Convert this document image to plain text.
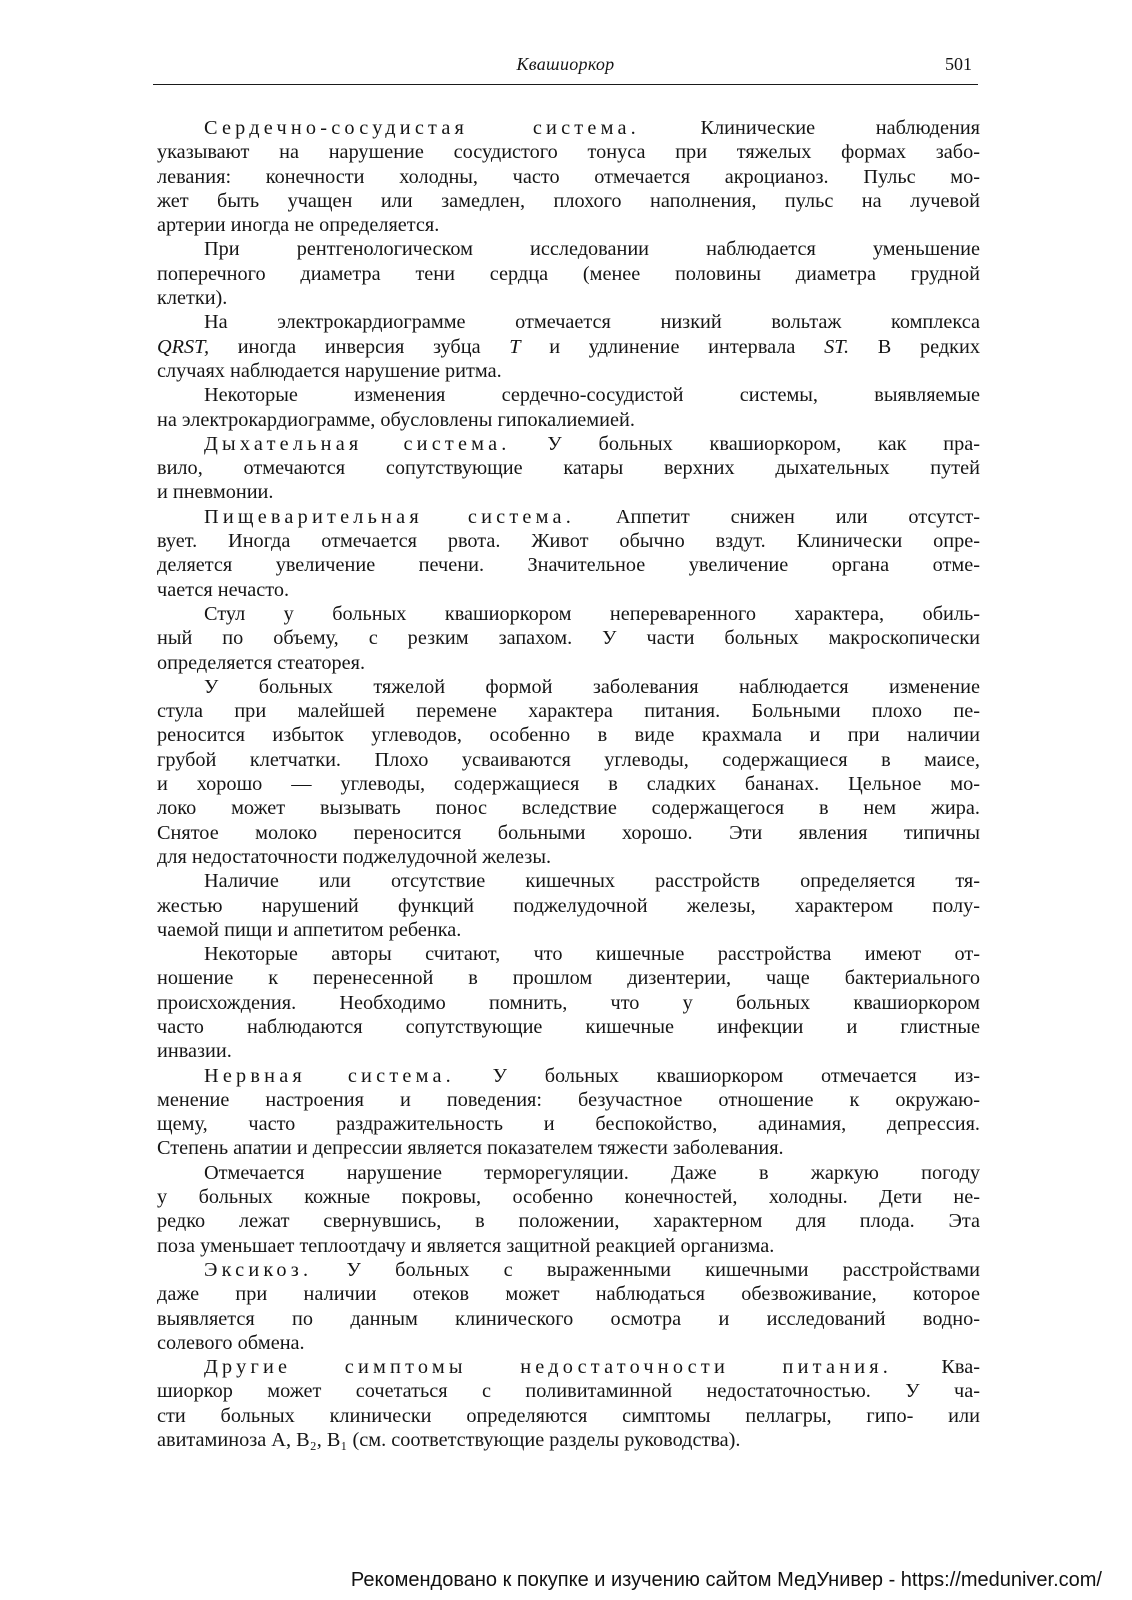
Квашиоркор	501
Сердечно-сосудистая система. Клинические наблюдения
указывают на нарушение сосудистого тонуса при тяжелых формах забо-
левания: конечности холодны, часто отмечается акроцианоз. Пульс мо-
жет быть учащен или замедлен, плохого наполнения, пульс на лучевой
артерии иногда не определяется.
При рентгенологическом исследовании наблюдается уменьшение
поперечного диаметра тени сердца (менее половины диаметра грудной
клетки).
На электрокардиограмме отмечается низкий вольтаж комплекса
QRST, иногда инверсия зубца T и удлинение интервала ST. В редких
случаях наблюдается нарушение ритма.
Некоторые изменения сердечно-сосудистой системы, выявляемые
на электрокардиограмме, обусловлены гипокалиемией.
Дыхательная система. У больных квашиоркором, как пра-
вило, отмечаются сопутствующие катары верхних дыхательных путей
и пневмонии.
Пищеварительная система. Аппетит снижен или отсутст-
вует. Иногда отмечается рвота. Живот обычно вздут. Клинически опре-
деляется увеличение печени. Значительное увеличение органа отме-
чается нечасто.
Стул у больных квашиоркором непереваренного характера, обиль-
ный по объему, с резким запахом. У части больных макроскопически
определяется стеаторея.
У больных тяжелой формой заболевания наблюдается изменение
стула при малейшей перемене характера питания. Больными плохо пе-
реносится избыток углеводов, особенно в виде крахмала и при наличии
грубой клетчатки. Плохо усваиваются углеводы, содержащиеся в маисе,
и хорошо — углеводы, содержащиеся в сладких бананах. Цельное мо-
локо может вызывать понос вследствие содержащегося в нем жира.
Снятое молоко переносится больными хорошо. Эти явления типичны
для недостаточности поджелудочной железы.
Наличие или отсутствие кишечных расстройств определяется тя-
жестью нарушений функций поджелудочной железы, характером полу-
чаемой пищи и аппетитом ребенка.
Некоторые авторы считают, что кишечные расстройства имеют от-
ношение к перенесенной в прошлом дизентерии, чаще бактериального
происхождения. Необходимо помнить, что у больных квашиоркором
часто наблюдаются сопутствующие кишечные инфекции и глистные
инвазии.
Нервная система. У больных квашиоркором отмечается из-
менение настроения и поведения: безучастное отношение к окружаю-
щему, часто раздражительность и беспокойство, адинамия, депрессия.
Степень апатии и депрессии является показателем тяжести заболевания.
Отмечается нарушение терморегуляции. Даже в жаркую погоду
у больных кожные покровы, особенно конечностей, холодны. Дети не-
редко лежат свернувшись, в положении, характерном для плода. Эта
поза уменьшает теплоотдачу и является защитной реакцией организма.
Эксикоз. У больных с выраженными кишечными расстройствами
даже при наличии отеков может наблюдаться обезвоживание, которое
выявляется по данным клинического осмотра и исследований водно-
солевого обмена.
Другие симптомы недостаточности питания. Ква-
шиоркор может сочетаться с поливитаминной недостаточностью. У ча-
сти больных клинически определяются симптомы пеллагры, гипо- или
авитаминоза А, B₂, B₁ (см. соответствующие разделы руководства).
Рекомендовано к покупке и изучению сайтом МедУнивер - https://meduniver.com/
